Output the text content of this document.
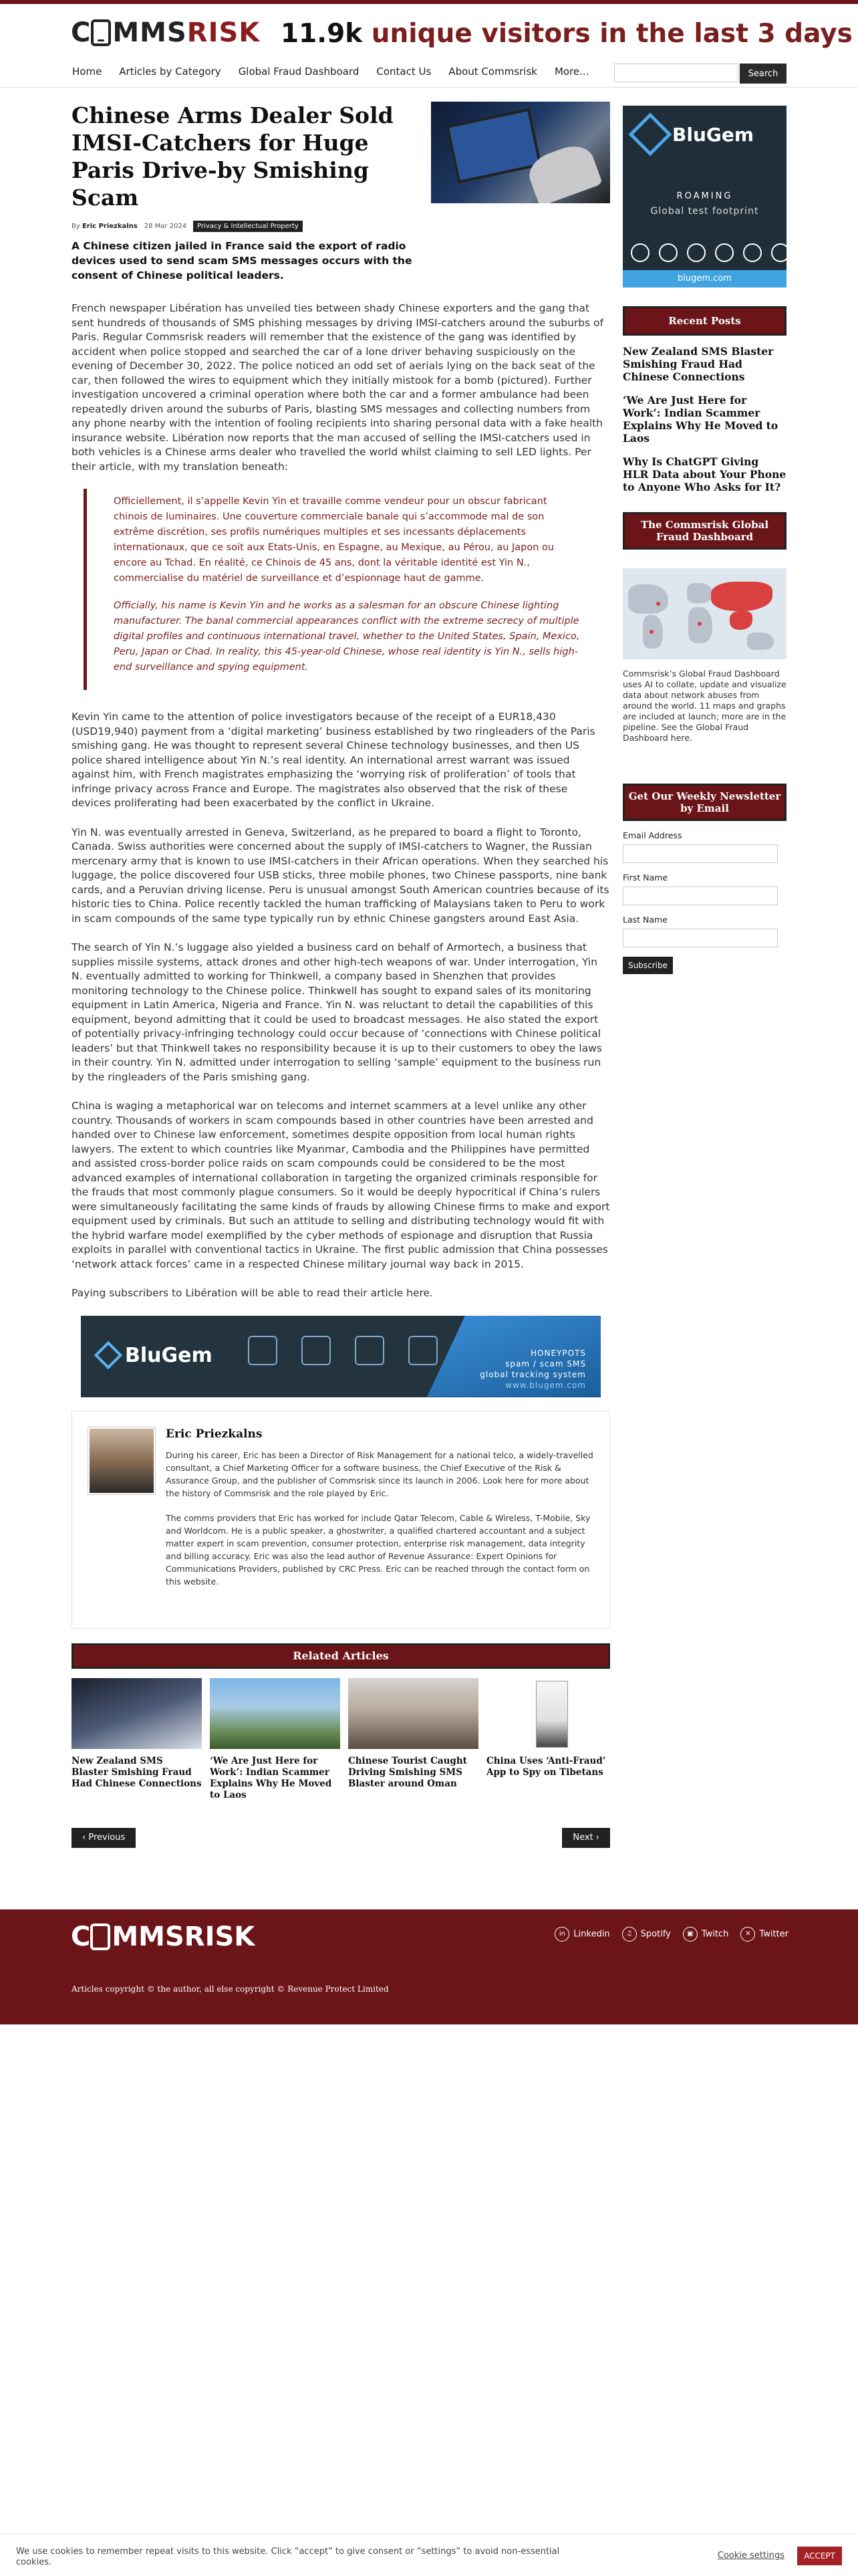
C MMS RISK 11.9k unique visitors in the last 3 days
Home Articles by Category Global Fraud Dashboard Contact Us About Commsrisk More...	Search
Chinese Arms Dealer Sold IMSI-Catchers for Huge Paris Drive-by Smishing Scam
By Eric Priezkalns 28 Mar 2024	Privacy & Intellectual Property
A Chinese citizen jailed in France said the export of radio devices used to send scam SMS messages occurs with the consent of Chinese political leaders.

French newspaper Libération has unveiled ties between shady Chinese exporters and the gang that sent hundreds of thousands of SMS phishing messages by driving IMSI-catchers around the suburbs of Paris. Regular Commsrisk readers will remember that the existence of the gang was identified by accident when police stopped and searched the car of a lone driver behaving suspiciously on the evening of December 30, 2022. The police noticed an odd set of aerials lying on the back seat of the car, then followed the wires to equipment which they initially mistook for a bomb (pictured). Further investigation uncovered a criminal operation where both the car and a former ambulance had been repeatedly driven around the suburbs of Paris, blasting SMS messages and collecting numbers from any phone nearby with the intention of fooling recipients into sharing personal data with a fake health insurance website. Libération now reports that the man accused of selling the IMSI-catchers used in both vehicles is a Chinese arms dealer who travelled the world whilst claiming to sell LED lights. Per their article, with my translation beneath:

Officiellement, il s’appelle Kevin Yin et travaille comme vendeur pour un obscur fabricant chinois de luminaires. Une couverture commerciale banale qui s’accommode mal de son extrême discrétion, ses profils numériques multiples et ses incessants déplacements internationaux, que ce soit aux Etats-Unis, en Espagne, au Mexique, au Pérou, au Japon ou encore au Tchad. En réalité, ce Chinois de 45 ans, dont la véritable identité est Yin N., commercialise du matériel de surveillance et d’espionnage haut de gamme.

Officially, his name is Kevin Yin and he works as a salesman for an obscure Chinese lighting manufacturer. The banal commercial appearances conflict with the extreme secrecy of multiple digital profiles and continuous international travel, whether to the United States, Spain, Mexico, Peru, Japan or Chad. In reality, this 45-year-old Chinese, whose real identity is Yin N., sells high-end surveillance and spying equipment.

Kevin Yin came to the attention of police investigators because of the receipt of a EUR18,430 (USD19,940) payment from a ‘digital marketing’ business established by two ringleaders of the Paris smishing gang. He was thought to represent several Chinese technology businesses, and then US police shared intelligence about Yin N.’s real identity. An international arrest warrant was issued against him, with French magistrates emphasizing the ‘worrying risk of proliferation’ of tools that infringe privacy across France and Europe. The magistrates also observed that the risk of these devices proliferating had been exacerbated by the conflict in Ukraine.

Yin N. was eventually arrested in Geneva, Switzerland, as he prepared to board a flight to Toronto, Canada. Swiss authorities were concerned about the supply of IMSI-catchers to Wagner, the Russian mercenary army that is known to use IMSI-catchers in their African operations. When they searched his luggage, the police discovered four USB sticks, three mobile phones, two Chinese passports, nine bank cards, and a Peruvian driving license. Peru is unusual amongst South American countries because of its historic ties to China. Police recently tackled the human trafficking of Malaysians taken to Peru to work in scam compounds of the same type typically run by ethnic Chinese gangsters around East Asia.

The search of Yin N.’s luggage also yielded a business card on behalf of Armortech, a business that supplies missile systems, attack drones and other high-tech weapons of war. Under interrogation, Yin N. eventually admitted to working for Thinkwell, a company based in Shenzhen that provides monitoring technology to the Chinese police. Thinkwell has sought to expand sales of its monitoring equipment in Latin America, Nigeria and France. Yin N. was reluctant to detail the capabilities of this equipment, beyond admitting that it could be used to broadcast messages. He also stated the export of potentially privacy-infringing technology could occur because of ‘connections with Chinese political leaders’ but that Thinkwell takes no responsibility because it is up to their customers to obey the laws in their country. Yin N. admitted under interrogation to selling ‘sample’ equipment to the business run by the ringleaders of the Paris smishing gang.

China is waging a metaphorical war on telecoms and internet scammers at a level unlike any other country. Thousands of workers in scam compounds based in other countries have been arrested and handed over to Chinese law enforcement, sometimes despite opposition from local human rights lawyers. The extent to which countries like Myanmar, Cambodia and the Philippines have permitted and assisted cross-border police raids on scam compounds could be considered to be the most advanced examples of international collaboration in targeting the organized criminals responsible for the frauds that most commonly plague consumers. So it would be deeply hypocritical if China’s rulers were simultaneously facilitating the same kinds of frauds by allowing Chinese firms to make and export equipment used by criminals. But such an attitude to selling and distributing technology would fit with the hybrid warfare model exemplified by the cyber methods of espionage and disruption that Russia exploits in parallel with conventional tactics in Ukraine. The first public admission that China possesses ‘network attack forces’ came in a respected Chinese military journal way back in 2015.

Paying subscribers to Libération will be able to read their article here.

BluGem	HONEYPOTS
spam / scam SMS
global tracking system
www.blugem.com
Eric Priezkalns

During his career, Eric has been a Director of Risk Management for a national telco, a widely-travelled consultant, a Chief Marketing Officer for a software business, the Chief Executive of the Risk & Assurance Group, and the publisher of Commsrisk since its launch in 2006. Look here for more about the history of Commsrisk and the role played by Eric.

The comms providers that Eric has worked for include Qatar Telecom, Cable & Wireless, T-Mobile, Sky and Worldcom. He is a public speaker, a ghostwriter, a qualified chartered accountant and a subject matter expert in scam prevention, consumer protection, enterprise risk management, data integrity and billing accuracy. Eric was also the lead author of Revenue Assurance: Expert Opinions for Communications Providers, published by CRC Press. Eric can be reached through the contact form on this website.

Related Articles
New Zealand SMS Blaster Smishing Fraud Had Chinese Connections
‘We Are Just Here for Work’: Indian Scammer Explains Why He Moved to Laos
Chinese Tourist Caught Driving Smishing SMS Blaster around Oman
China Uses ‘Anti-Fraud’ App to Spy on Tibetans
‹ Previous	Next ›
BluGem
ROAMING
Global test footprint
blugem.com
Recent Posts
New Zealand SMS Blaster Smishing Fraud Had Chinese Connections
‘We Are Just Here for Work’: Indian Scammer Explains Why He Moved to Laos
Why Is ChatGPT Giving HLR Data about Your Phone to Anyone Who Asks for It?
The Commsrisk Global Fraud Dashboard
Commsrisk’s Global Fraud Dashboard uses AI to collate, update and visualize data about network abuses from around the world. 11 maps and graphs are included at launch; more are in the pipeline. See the Global Fraud Dashboard here.
Get Our Weekly Newsletter by Email
Email Address
First Name
Last Name
Subscribe
C MMS RISK	in Linkedin	♫ Spotify	▣ Twitch	✕ Twitter
Articles copyright © the author, all else copyright © Revenue Protect Limited
We use cookies to remember repeat visits to this website. Click “accept” to give consent or “settings” to avoid non-essential cookies.
Cookie settings	ACCEPT
